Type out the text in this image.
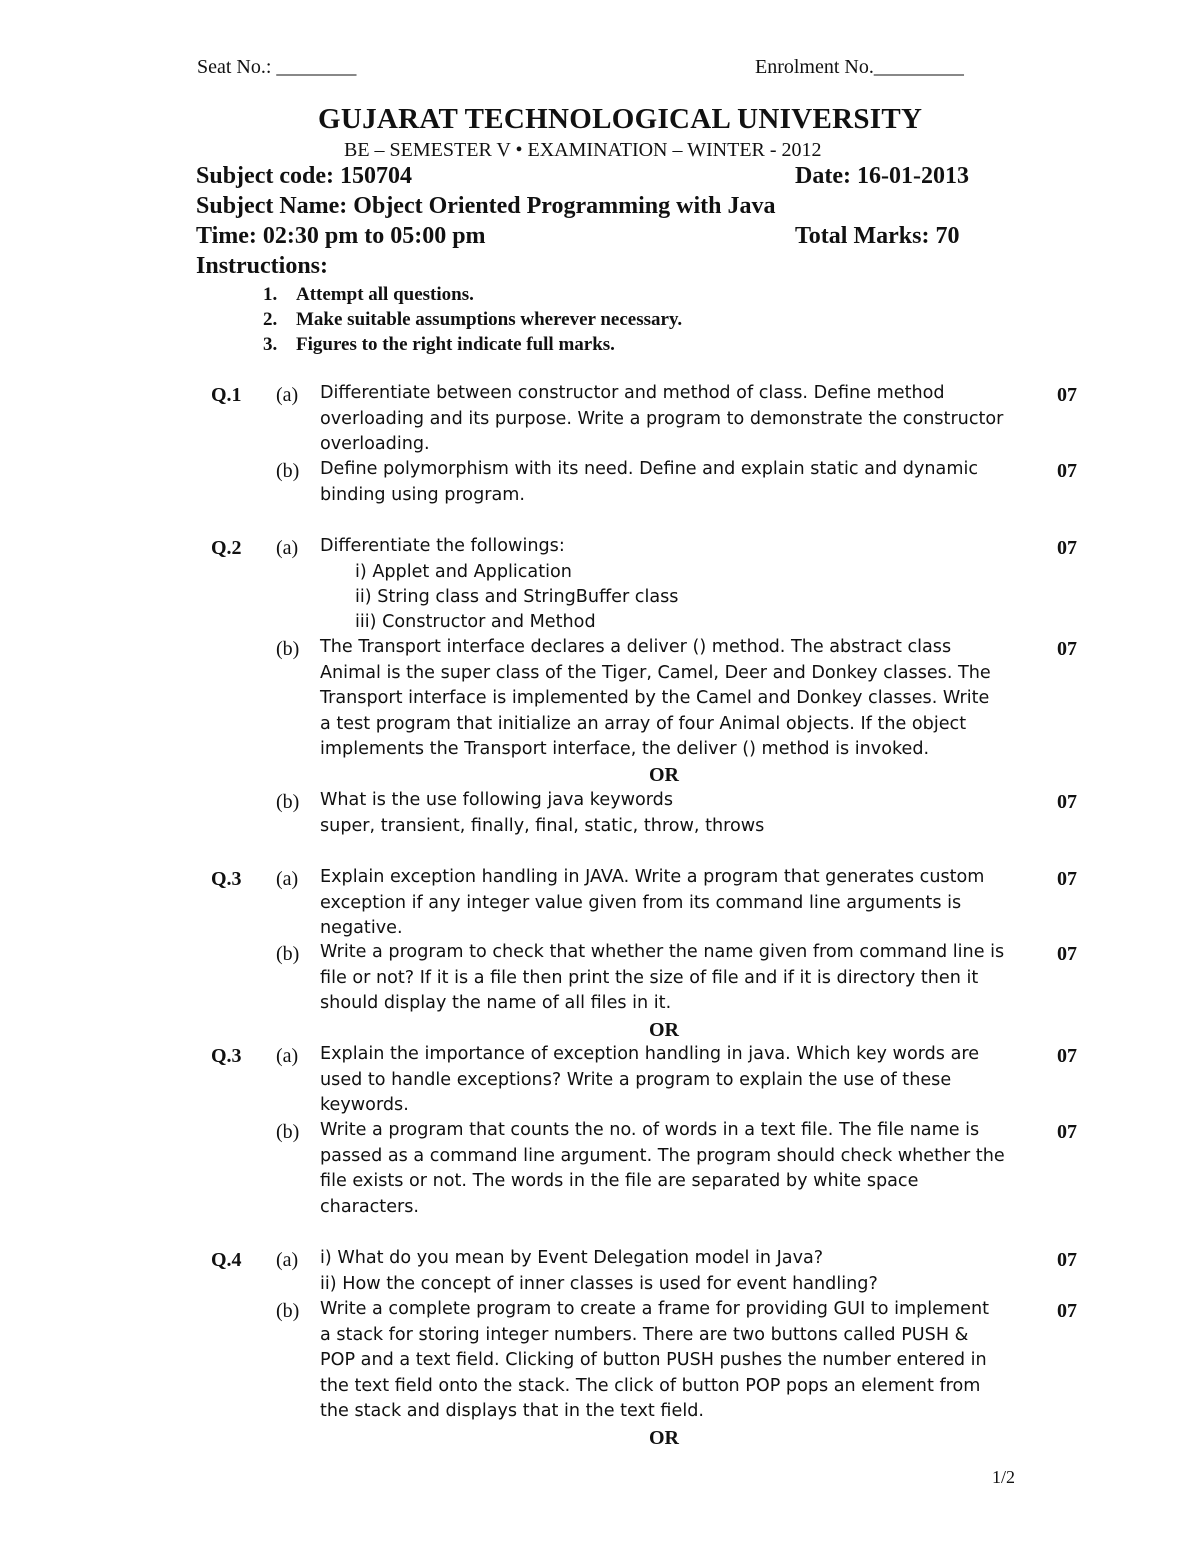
Seat No.: ________	Enrolment No._________
GUJARAT TECHNOLOGICAL UNIVERSITY
BE – SEMESTER V • EXAMINATION – WINTER - 2012
Subject code: 150704	Date: 16-01-2013
Subject Name: Object Oriented Programming with Java
Time: 02:30 pm to 05:00 pm	Total Marks: 70
Instructions:
1. Attempt all questions.
2. Make suitable assumptions wherever necessary.
3. Figures to the right indicate full marks.
Q.1 (a) Differentiate between constructor and method of class. Define method
overloading and its purpose. Write a program to demonstrate the constructor
overloading.
07
(b) Define polymorphism with its need. Define and explain static and dynamic
binding using program.
07
Q.2 (a) Differentiate the followings:	07
i) Applet and Application
ii) String class and StringBuffer class
iii) Constructor and Method
(b) The Transport interface declares a deliver () method. The abstract class
Animal is the super class of the Tiger, Camel, Deer and Donkey classes. The
Transport interface is implemented by the Camel and Donkey classes. Write
a test program that initialize an array of four Animal objects. If the object
implements the Transport interface, the deliver () method is invoked.
07
OR
(b) What is the use following java keywords
super, transient, finally, final, static, throw, throws
07
Q.3 (a) Explain exception handling in JAVA. Write a program that generates custom
exception if any integer value given from its command line arguments is
negative.
07
(b) Write a program to check that whether the name given from command line is
file or not? If it is a file then print the size of file and if it is directory then it
should display the name of all files in it.
07
OR
Q.3 (a) Explain the importance of exception handling in java. Which key words are
used to handle exceptions? Write a program to explain the use of these
keywords.
07
(b) Write a program that counts the no. of words in a text file. The file name is
passed as a command line argument. The program should check whether the
file exists or not. The words in the file are separated by white space
characters.
07
Q.4 (a) i) What do you mean by Event Delegation model in Java?
ii) How the concept of inner classes is used for event handling?
07
(b) Write a complete program to create a frame for providing GUI to implement
a stack for storing integer numbers. There are two buttons called PUSH &
POP and a text field. Clicking of button PUSH pushes the number entered in
the text field onto the stack. The click of button POP pops an element from
the stack and displays that in the text field.
07
OR
1/2
